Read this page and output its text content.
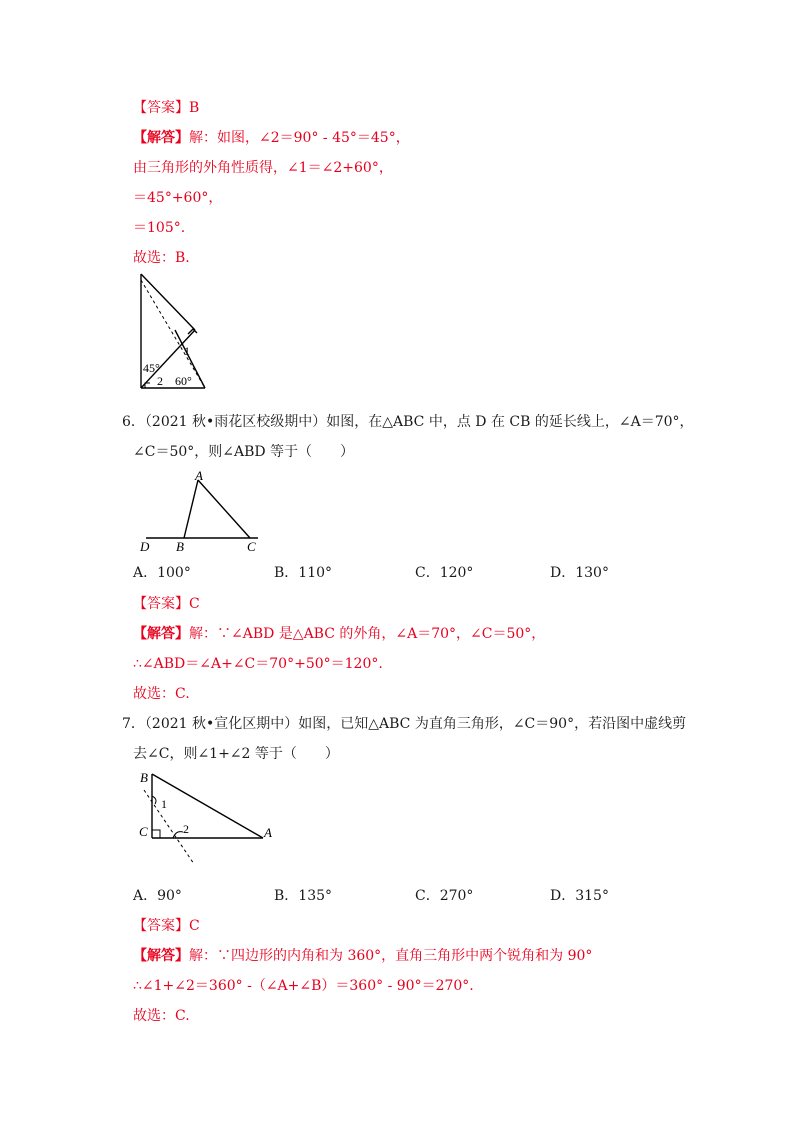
【答案】B
【解答】解：如图，∠2＝90° - 45°＝45°，
由三角形的外角性质得，∠1＝∠2+60°，
＝45°+60°，
＝105°.
故选：B.
1
2
45°
60°
6．（2021 秋•雨花区校级期中）如图，在△ABC 中，点 D 在 CB 的延长线上，∠A＝70°，
∠C＝50°，则∠ABD 等于（　　）
A
B	C
D
A．100°	B．110°	C．120°	D．130°
【答案】C
【解答】解：∵∠ABD 是△ABC 的外角，∠A＝70°，∠C＝50°，
∴∠ABD＝∠A+∠C＝70°+50°＝120°.
故选：C.
7．（2021 秋•宣化区期中）如图，已知△ABC 为直角三角形，∠C＝90°，若沿图中虚线剪
去∠C，则∠1+∠2 等于（　　）
B
C	A
1
2
A．90°	B．135°	C．270°	D．315°
【答案】C
【解答】解：∵四边形的内角和为 360°，直角三角形中两个锐角和为 90°
∴∠1+∠2＝360° -（∠A+∠B）＝360° - 90°＝270°.
故选：C.
